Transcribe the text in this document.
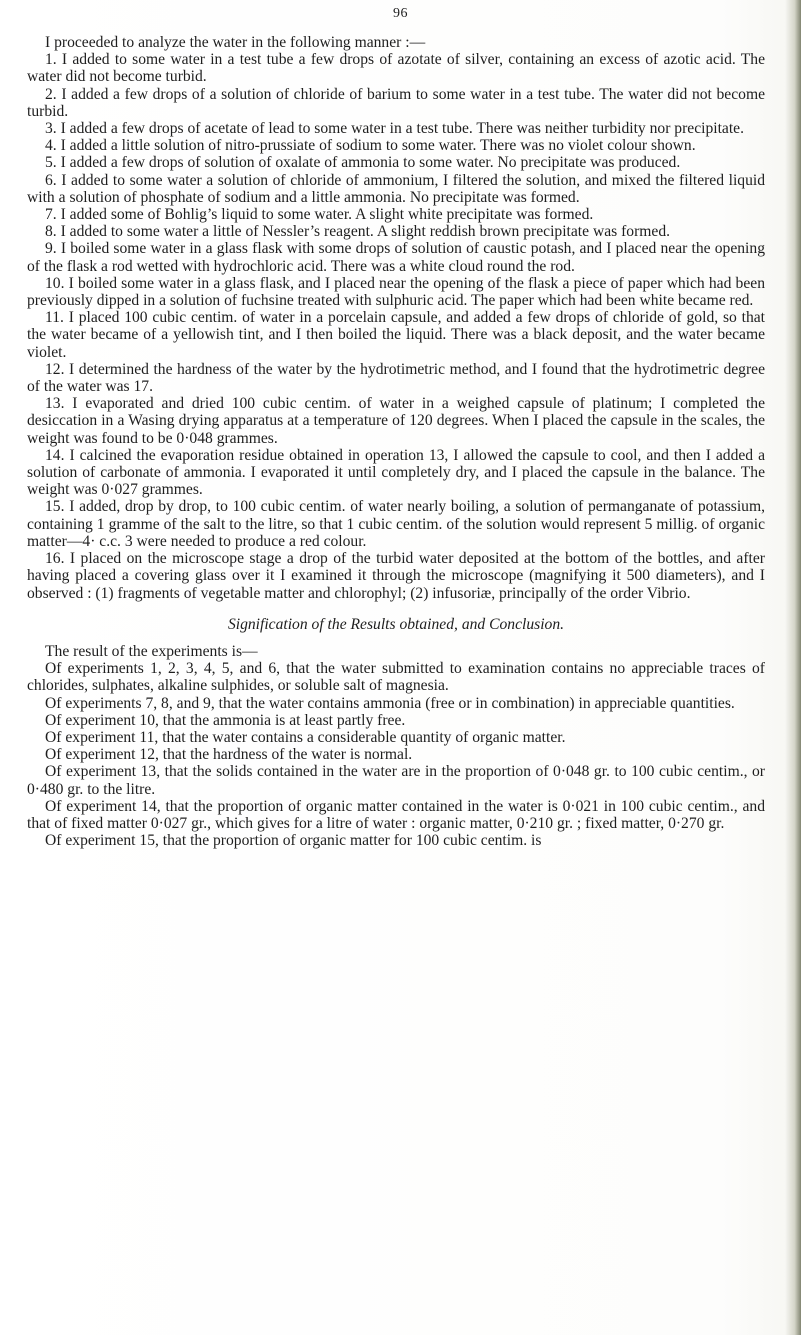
96

I proceeded to analyze the water in the following manner :—

1. I added to some water in a test tube a few drops of azotate of silver, containing an excess of azotic acid. The water did not become turbid.

2. I added a few drops of a solution of chloride of barium to some water in a test tube. The water did not become turbid.

3. I added a few drops of acetate of lead to some water in a test tube. There was neither turbidity nor precipitate.

4. I added a little solution of nitro-prussiate of sodium to some water. There was no violet colour shown.

5. I added a few drops of solution of oxalate of ammonia to some water. No precipitate was produced.

6. I added to some water a solution of chloride of ammonium, I filtered the solution, and mixed the filtered liquid with a solution of phosphate of sodium and a little ammonia. No precipitate was formed.

7. I added some of Bohlig’s liquid to some water. A slight white precipitate was formed.

8. I added to some water a little of Nessler’s reagent. A slight reddish brown precipitate was formed.

9. I boiled some water in a glass flask with some drops of solution of caustic potash, and I placed near the opening of the flask a rod wetted with hydrochloric acid. There was a white cloud round the rod.

10. I boiled some water in a glass flask, and I placed near the opening of the flask a piece of paper which had been previously dipped in a solution of fuchsine treated with sulphuric acid. The paper which had been white became red.

11. I placed 100 cubic centim. of water in a porcelain capsule, and added a few drops of chloride of gold, so that the water became of a yellowish tint, and I then boiled the liquid. There was a black deposit, and the water became violet.

12. I determined the hardness of the water by the hydrotimetric method, and I found that the hydrotimetric degree of the water was 17.

13. I evaporated and dried 100 cubic centim. of water in a weighed capsule of platinum; I completed the desiccation in a Wasing drying apparatus at a temperature of 120 degrees. When I placed the capsule in the scales, the weight was found to be 0·048 grammes.

14. I calcined the evaporation residue obtained in operation 13, I allowed the capsule to cool, and then I added a solution of carbonate of ammonia. I evaporated it until completely dry, and I placed the capsule in the balance. The weight was 0·027 grammes.

15. I added, drop by drop, to 100 cubic centim. of water nearly boiling, a solution of permanganate of potassium, containing 1 gramme of the salt to the litre, so that 1 cubic centim. of the solution would represent 5 millig. of organic matter—4· c.c. 3 were needed to produce a red colour.

16. I placed on the microscope stage a drop of the turbid water deposited at the bottom of the bottles, and after having placed a covering glass over it I examined it through the microscope (magnifying it 500 diameters), and I observed : (1) fragments of vegetable matter and chlorophyl; (2) infusoriæ, principally of the order Vibrio.

Signification of the Results obtained, and Conclusion.

The result of the experiments is—

Of experiments 1, 2, 3, 4, 5, and 6, that the water submitted to examination contains no appreciable traces of chlorides, sulphates, alkaline sulphides, or soluble salt of magnesia.

Of experiments 7, 8, and 9, that the water contains ammonia (free or in combination) in appreciable quantities.

Of experiment 10, that the ammonia is at least partly free.

Of experiment 11, that the water contains a considerable quantity of organic matter.

Of experiment 12, that the hardness of the water is normal.

Of experiment 13, that the solids contained in the water are in the proportion of 0·048 gr. to 100 cubic centim., or 0·480 gr. to the litre.

Of experiment 14, that the proportion of organic matter contained in the water is 0·021 in 100 cubic centim., and that of fixed matter 0·027 gr., which gives for a litre of water : organic matter, 0·210 gr. ; fixed matter, 0·270 gr.

Of experiment 15, that the proportion of organic matter for 100 cubic centim. is
